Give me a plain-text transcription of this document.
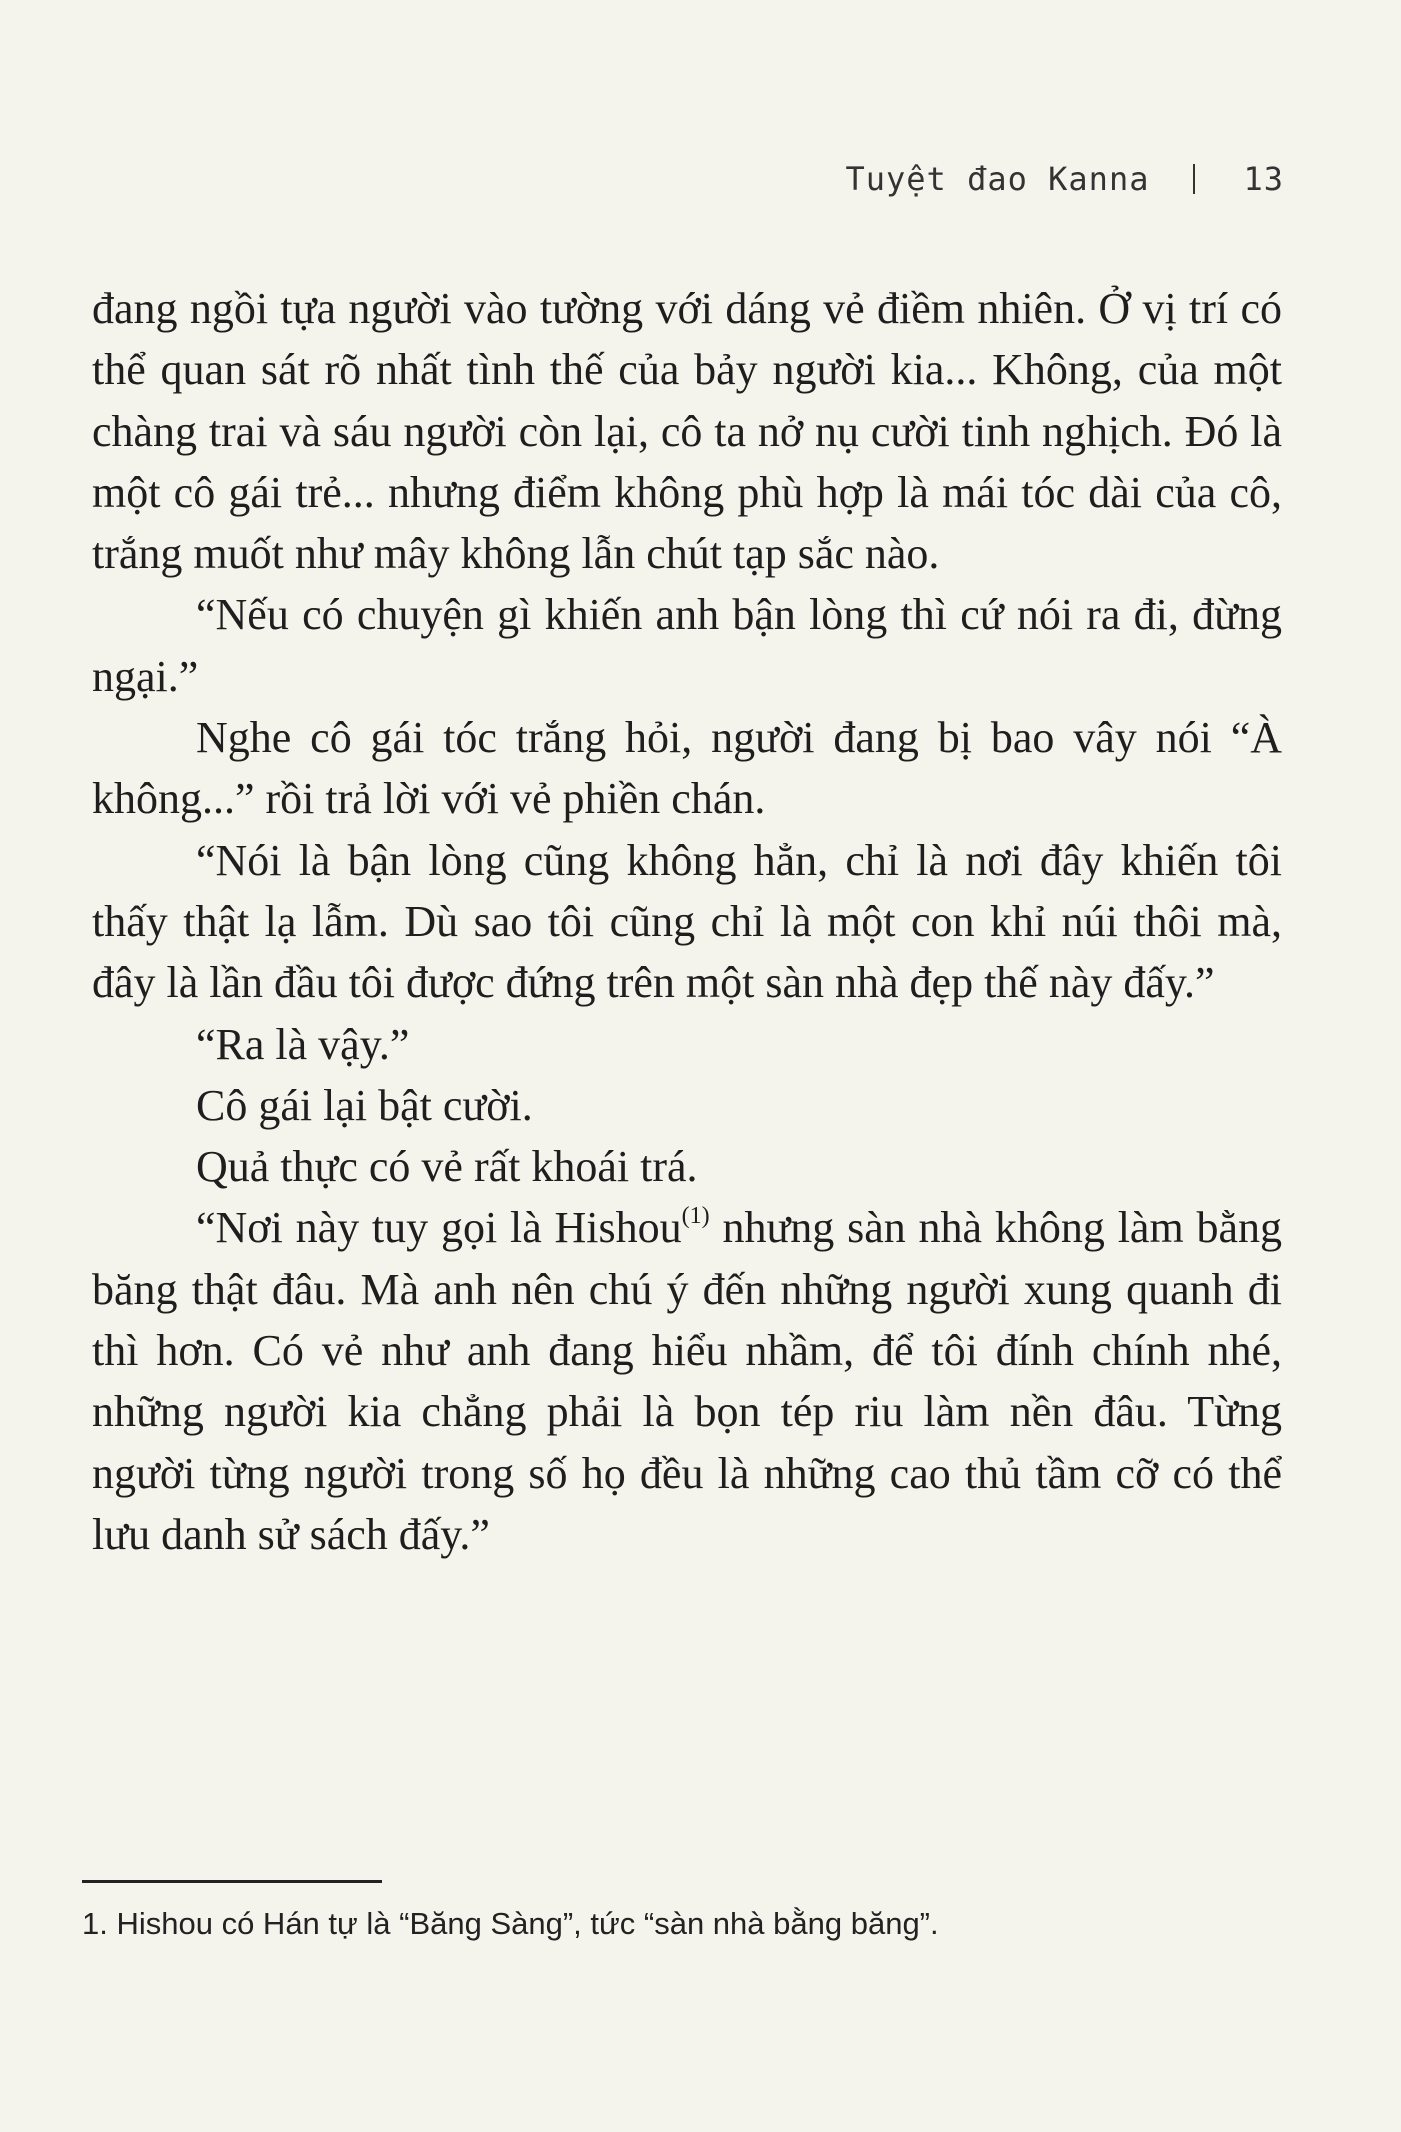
Tuyệt đao Kanna	13

đang ngồi tựa người vào tường với dáng vẻ điềm nhiên. Ở vị trí có thể quan sát rõ nhất tình thế của bảy người kia... Không, của một chàng trai và sáu người còn lại, cô ta nở nụ cười tinh nghịch. Đó là một cô gái trẻ... nhưng điểm không phù hợp là mái tóc dài của cô, trắng muốt như mây không lẫn chút tạp sắc nào.

“Nếu có chuyện gì khiến anh bận lòng thì cứ nói ra đi, đừng ngại.”

Nghe cô gái tóc trắng hỏi, người đang bị bao vây nói “À không...” rồi trả lời với vẻ phiền chán.

“Nói là bận lòng cũng không hẳn, chỉ là nơi đây khiến tôi thấy thật lạ lẫm. Dù sao tôi cũng chỉ là một con khỉ núi thôi mà, đây là lần đầu tôi được đứng trên một sàn nhà đẹp thế này đấy.”

“Ra là vậy.”

Cô gái lại bật cười.

Quả thực có vẻ rất khoái trá.

“Nơi này tuy gọi là Hishou$^{(1)}$ nhưng sàn nhà không làm bằng băng thật đâu. Mà anh nên chú ý đến những người xung quanh đi thì hơn. Có vẻ như anh đang hiểu nhầm, để tôi đính chính nhé, những người kia chẳng phải là bọn tép riu làm nền đâu. Từng người từng người trong số họ đều là những cao thủ tầm cỡ có thể lưu danh sử sách đấy.”

1. Hishou có Hán tự là “Băng Sàng”, tức “sàn nhà bằng băng”.
